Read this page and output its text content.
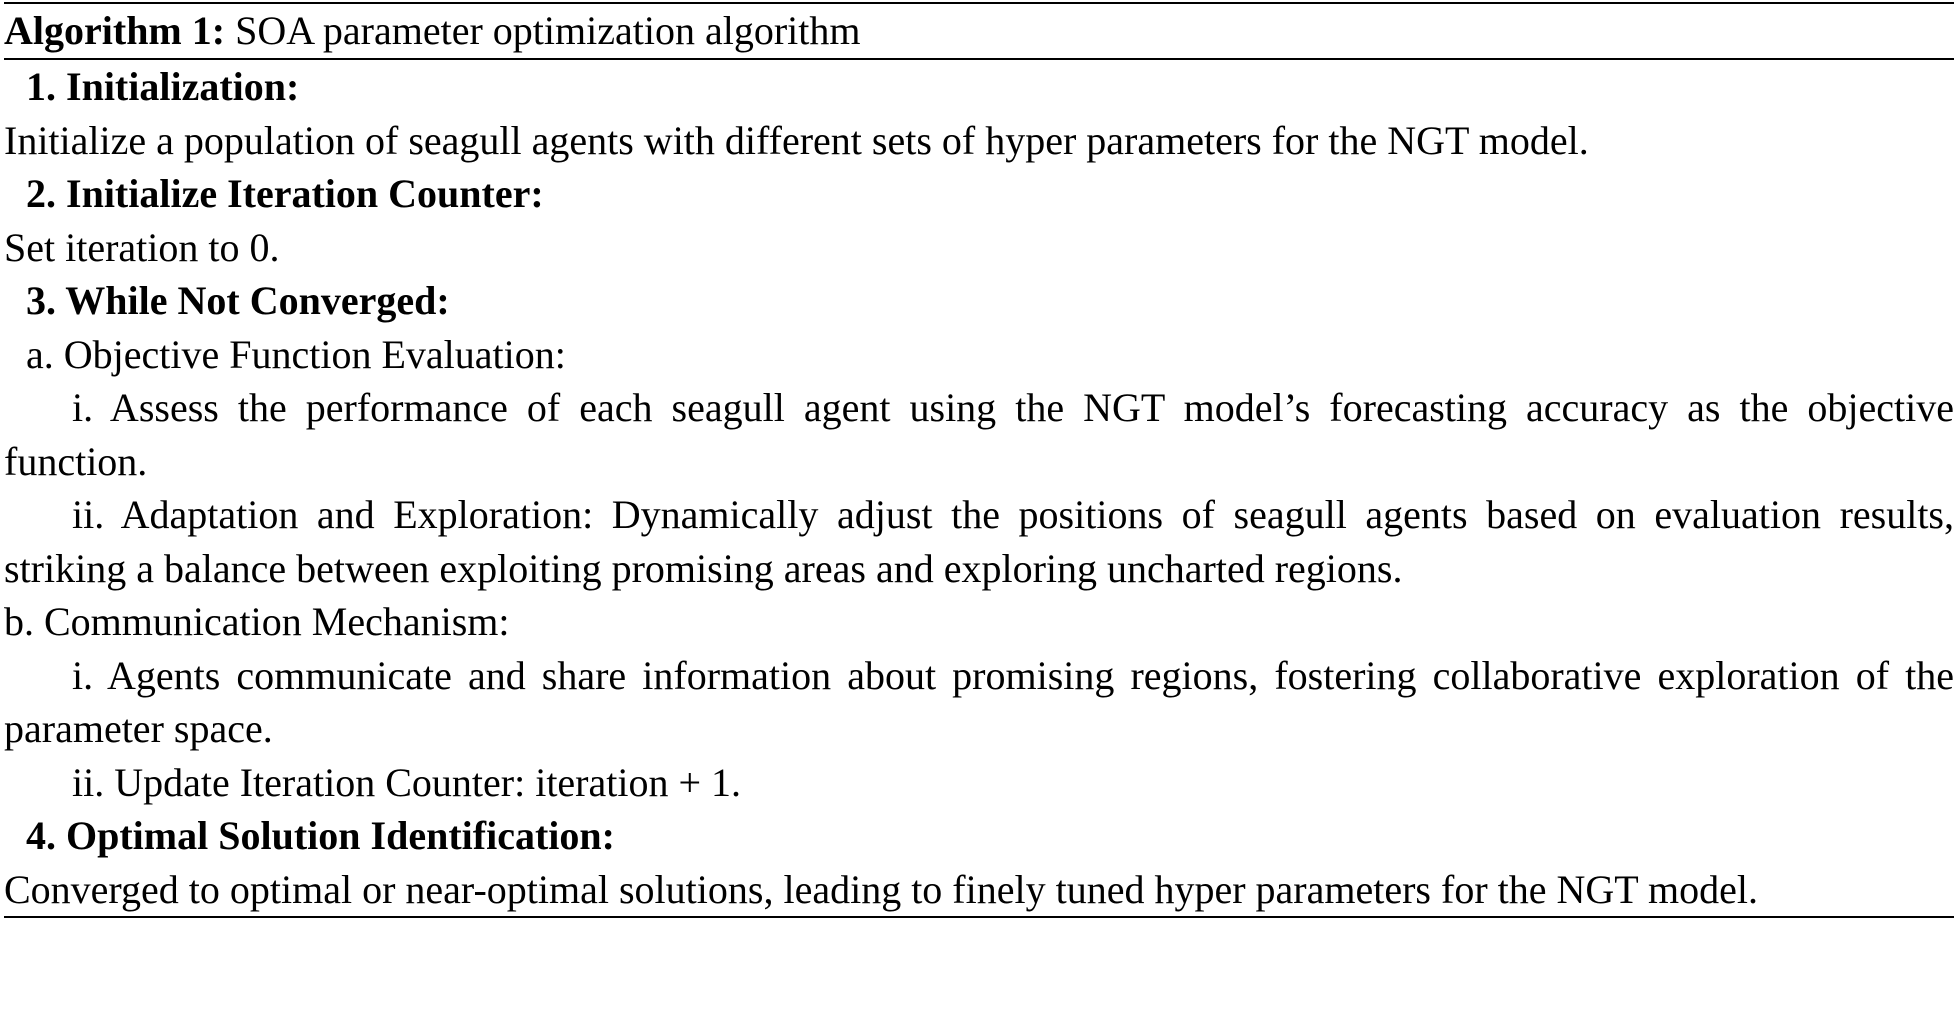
Algorithm 1: SOA parameter optimization algorithm
1. Initialization:
Initialize a population of seagull agents with different sets of hyper parameters for the NGT model.
2. Initialize Iteration Counter:
Set iteration to 0.
3. While Not Converged:
a. Objective Function Evaluation:
i. Assess the performance of each seagull agent using the NGT model’s forecasting accuracy as the objective function.
ii. Adaptation and Exploration: Dynamically adjust the positions of seagull agents based on evaluation results, striking a balance between exploiting promising areas and exploring uncharted regions.
b. Communication Mechanism:
i. Agents communicate and share information about promising regions, fostering collaborative exploration of the parameter space.
ii. Update Iteration Counter: iteration + 1.
4. Optimal Solution Identification:
Converged to optimal or near-optimal solutions, leading to finely tuned hyper parameters for the NGT model.
